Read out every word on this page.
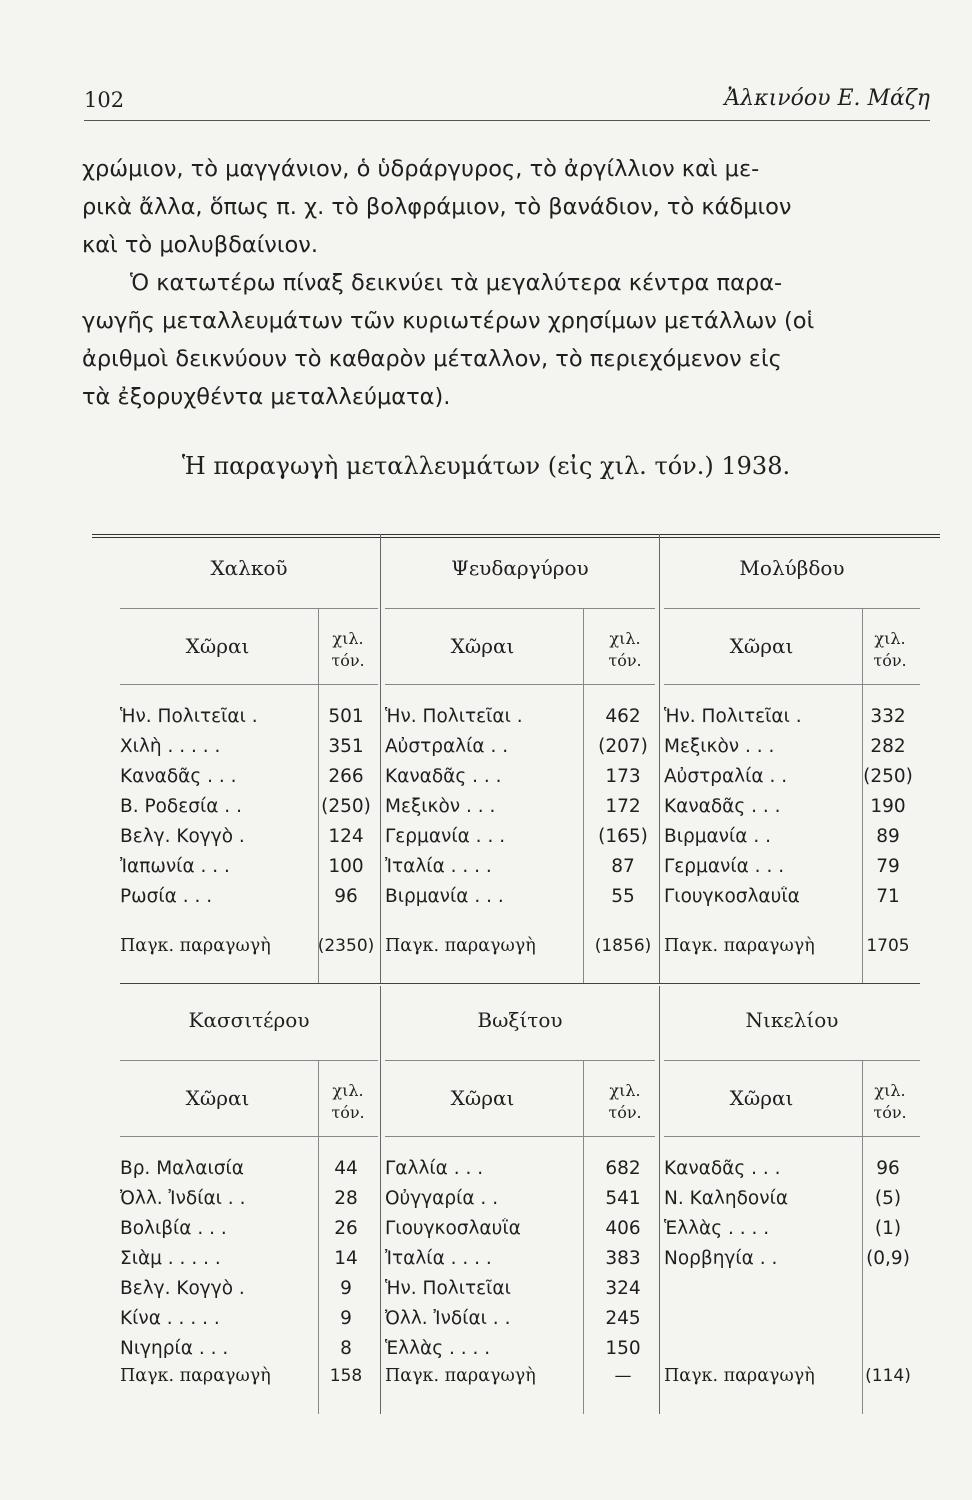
102	Ἀλκινόου Ε. Μάζη
χρώμιον, τὸ μαγγάνιον, ὁ ὑδράργυρος, τὸ ἀργίλλιον καὶ με-
ρικὰ ἄλλα, ὅπως π. χ. τὸ βολφράμιον, τὸ βανάδιον, τὸ κάδμιον
καὶ τὸ μολυβδαίνιον.
Ὁ κατωτέρω πίναξ δεικνύει τὰ μεγαλύτερα κέντρα παρα-
γωγῆς μεταλλευμάτων τῶν κυριωτέρων χρησίμων μετάλλων (οἱ
ἀριθμοὶ δεικνύουν τὸ καθαρὸν μέταλλον, τὸ περιεχόμενον εἰς
τὰ ἐξορυχθέντα μεταλλεύματα).
Ἡ παραγωγὴ μεταλλευμάτων (εἰς χιλ. τόν.) 1938.
Χαλκοῦ
Χῶραι	χιλ.
τόν.
Ἡν. Πολιτεῖαι .	501
Χιλὴ . . . . .	351
Καναδᾶς . . .	266
Β. Ροδεσία . .	(250)
Βελγ. Κογγὸ .	124
Ἰαπωνία . . .	100
Ρωσία . . .	96
Παγκ. παραγωγὴ	(2350)
Ψευδαργύρου
Χῶραι	χιλ.
τόν.
Ἡν. Πολιτεῖαι .	462
Αὐστραλία . .	(207)
Καναδᾶς . . .	173
Μεξικὸν . . .	172
Γερμανία . . .	(165)
Ἰταλία . . . .	87
Βιρμανία . . .	55
Παγκ. παραγωγὴ	(1856)
Μολύβδου
Χῶραι	χιλ.
τόν.
Ἡν. Πολιτεῖαι .	332
Μεξικὸν . . .	282
Αὐστραλία . .	(250)
Καναδᾶς . . .	190
Βιρμανία . .	89
Γερμανία . . .	79
Γιουγκοσλαυΐα	71
Παγκ. παραγωγὴ	1705
Κασσιτέρου
Χῶραι	χιλ.
τόν.
Βρ. Μαλαισία	44
Ὀλλ. Ἰνδίαι . .	28
Βολιβία . . .	26
Σιὰμ . . . . .	14
Βελγ. Κογγὸ .	9
Κίνα . . . . .	9
Νιγηρία . . .	8
Παγκ. παραγωγὴ	158
Βωξίτου
Χῶραι	χιλ.
τόν.
Γαλλία . . .	682
Οὐγγαρία . .	541
Γιουγκοσλαυΐα	406
Ἰταλία . . . .	383
Ἡν. Πολιτεῖαι	324
Ὀλλ. Ἰνδίαι . .	245
Ἑλλὰς . . . .	150
Παγκ. παραγωγὴ	—
Νικελίου
Χῶραι	χιλ.
τόν.
Καναδᾶς . . .	96
Ν. Καληδονία	(5)
Ἑλλὰς . . . .	(1)
Νορβηγία . .	(0,9)
Παγκ. παραγωγὴ	(114)
